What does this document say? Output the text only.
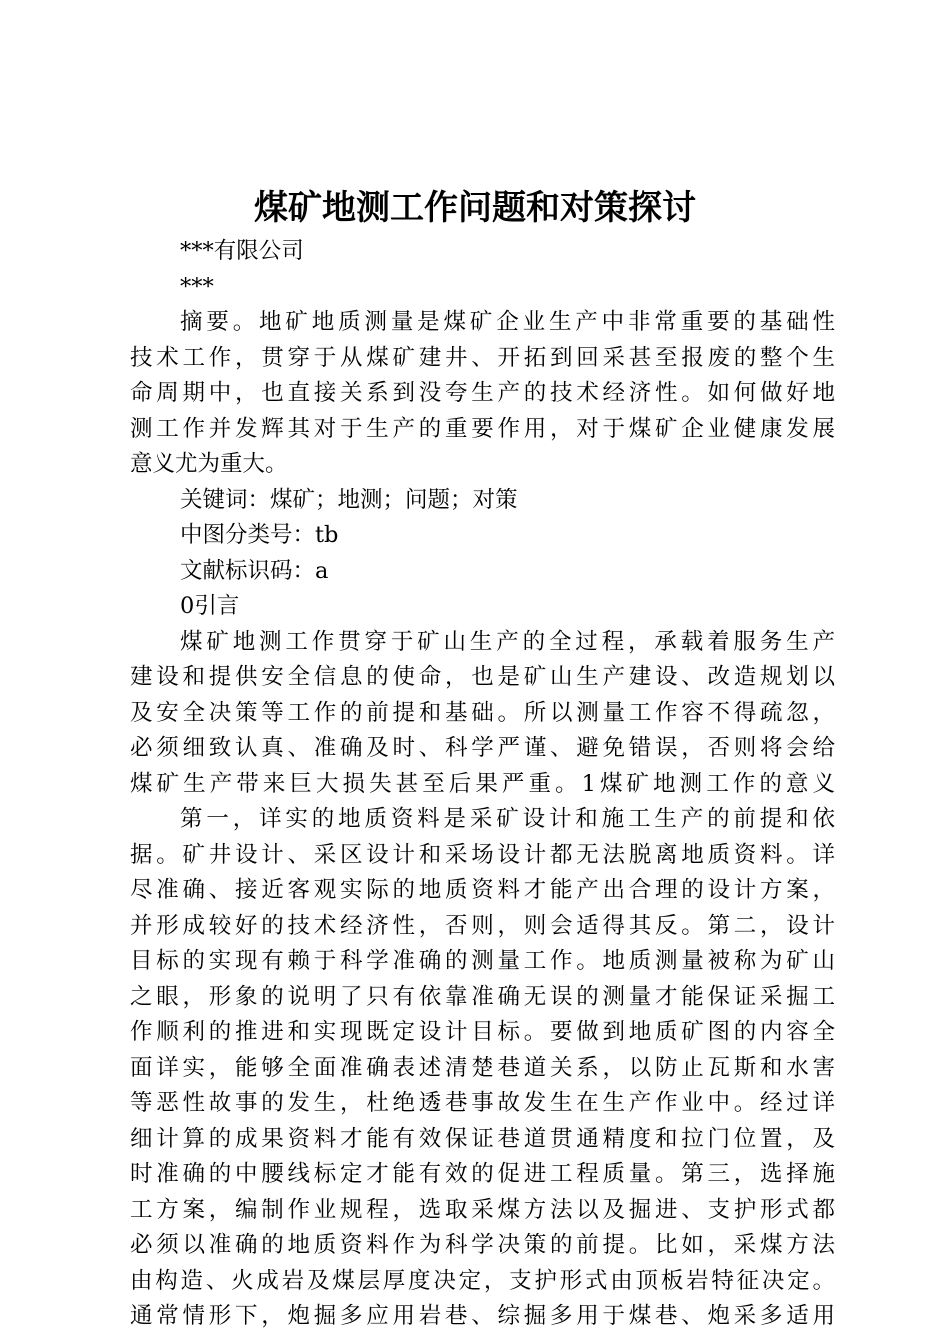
煤矿地测工作问题和对策探讨
***有限公司
***
摘要。地矿地质测量是煤矿企业生产中非常重要的基础性
技术工作，贯穿于从煤矿建井、开拓到回采甚至报废的整个生
命周期中，也直接关系到没夸生产的技术经济性。如何做好地
测工作并发辉其对于生产的重要作用，对于煤矿企业健康发展
意义尤为重大。
关键词：煤矿；地测；问题；对策
中图分类号：tb
文献标识码：a
0引言
煤矿地测工作贯穿于矿山生产的全过程，承载着服务生产
建设和提供安全信息的使命，也是矿山生产建设、改造规划以
及安全决策等工作的前提和基础。所以测量工作容不得疏忽，
必须细致认真、准确及时、科学严谨、避免错误，否则将会给
煤矿生产带来巨大损失甚至后果严重。1煤矿地测工作的意义
第一，详实的地质资料是采矿设计和施工生产的前提和依
据。矿井设计、采区设计和采场设计都无法脱离地质资料。详
尽准确、接近客观实际的地质资料才能产出合理的设计方案，
并形成较好的技术经济性，否则，则会适得其反。第二，设计
目标的实现有赖于科学准确的测量工作。地质测量被称为矿山
之眼，形象的说明了只有依靠准确无误的测量才能保证采掘工
作顺利的推进和实现既定设计目标。要做到地质矿图的内容全
面详实，能够全面准确表述清楚巷道关系，以防止瓦斯和水害
等恶性故事的发生，杜绝透巷事故发生在生产作业中。经过详
细计算的成果资料才能有效保证巷道贯通精度和拉门位置，及
时准确的中腰线标定才能有效的促进工程质量。第三，选择施
工方案，编制作业规程，选取采煤方法以及掘进、支护形式都
必须以准确的地质资料作为科学决策的前提。比如，采煤方法
由构造、火成岩及煤层厚度决定，支护形式由顶板岩特征决定。
通常情形下，炮掘多应用岩巷、综掘多用于煤巷、炮采多适用
